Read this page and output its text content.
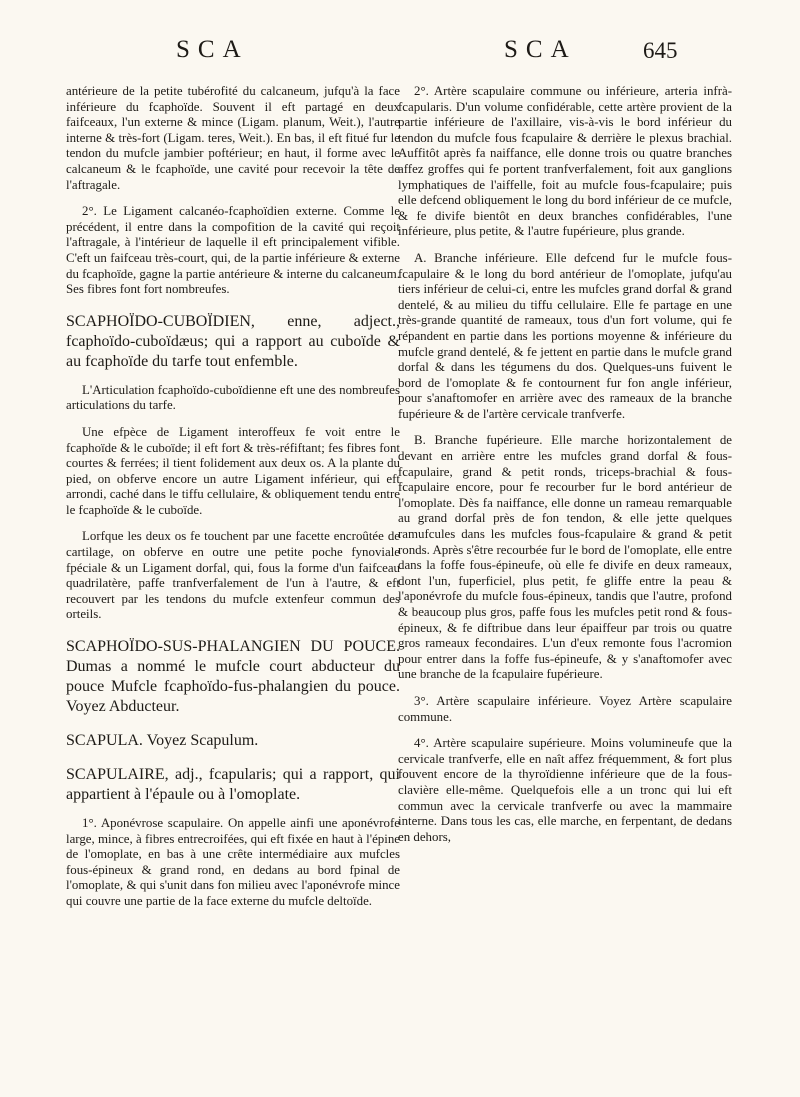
SCA	SCA	645

antérieure de la petite tubérofité du calcaneum, jufqu'à la face inférieure du fcaphoïde. Souvent il eft partagé en deux faifceaux, l'un externe & mince (Ligam. planum, Weit.), l'autre interne & très-fort (Ligam. teres, Weit.). En bas, il eft fitué fur le tendon du mufcle jambier poftérieur; en haut, il forme avec le calcaneum & le fcaphoïde, une cavité pour recevoir la tête de l'aftragale.

2°. Le Ligament calcanéo-fcaphoïdien externe. Comme le précédent, il entre dans la compofition de la cavité qui reçoit l'aftragale, à l'intérieur de laquelle il eft principalement vifible. C'eft un faifceau très-court, qui, de la partie inférieure & externe du fcaphoïde, gagne la partie antérieure & interne du calcaneum. Ses fibres font fort nombreufes.

SCAPHOÏDO-CUBOÏDIEN, enne, adject., fcaphoïdo-cuboïdæus; qui a rapport au cuboïde & au fcaphoïde du tarfe tout enfemble.

L'Articulation fcaphoïdo-cuboïdienne eft une des nombreufes articulations du tarfe.

Une efpèce de Ligament interoffeux fe voit entre le fcaphoïde & le cuboïde; il eft fort & très-réfiftant; fes fibres font courtes & ferrées; il tient folidement aux deux os. A la plante du pied, on obferve encore un autre Ligament inférieur, qui eft arrondi, caché dans le tiffu cellulaire, & obliquement tendu entre le fcaphoïde & le cuboïde.

Lorfque les deux os fe touchent par une facette encroûtée de cartilage, on obferve en outre une petite poche fynoviale fpéciale & un Ligament dorfal, qui, fous la forme d'un faifceau quadrilatère, paffe tranfverfalement de l'un à l'autre, & eft recouvert par les tendons du mufcle extenfeur commun des orteils.

SCAPHOÏDO-SUS-PHALANGIEN DU POUCE. Dumas a nommé le mufcle court abducteur du pouce Mufcle fcaphoïdo-fus-phalangien du pouce. Voyez Abducteur.

SCAPULA. Voyez Scapulum.

SCAPULAIRE, adj., fcapularis; qui a rapport, qui appartient à l'épaule ou à l'omoplate.

1°. Aponévrose scapulaire. On appelle ainfi une aponévrofe large, mince, à fibres entrecroifées, qui eft fixée en haut à l'épine de l'omoplate, en bas à une crête intermédiaire aux mufcles fous-épineux & grand rond, en dedans au bord fpinal de l'omoplate, & qui s'unit dans fon milieu avec l'aponévrofe mince qui couvre une partie de la face externe du mufcle deltoïde.

2°. Artère scapulaire commune ou inférieure, arteria infrà-fcapularis. D'un volume confidérable, cette artère provient de la partie inférieure de l'axillaire, vis-à-vis le bord inférieur du tendon du mufcle fous fcapulaire & derrière le plexus brachial. Auffitôt après fa naiffance, elle donne trois ou quatre branches affez groffes qui fe portent tranfverfalement, foit aux ganglions lymphatiques de l'aiffelle, foit au mufcle fous-fcapulaire; puis elle defcend obliquement le long du bord inférieur de ce mufcle, & fe divife bientôt en deux branches confidérables, l'une inférieure, plus petite, & l'autre fupérieure, plus grande.

A. Branche inférieure. Elle defcend fur le mufcle fous-fcapulaire & le long du bord antérieur de l'omoplate, jufqu'au tiers inférieur de celui-ci, entre les mufcles grand dorfal & grand dentelé, & au milieu du tiffu cellulaire. Elle fe partage en une très-grande quantité de rameaux, tous d'un fort volume, qui fe répandent en partie dans les portions moyenne & inférieure du mufcle grand dentelé, & fe jettent en partie dans le mufcle grand dorfal & dans les tégumens du dos. Quelques-uns fuivent le bord de l'omoplate & fe contournent fur fon angle inférieur, pour s'anaftomofer en arrière avec des rameaux de la branche fupérieure & de l'artère cervicale tranfverfe.

B. Branche fupérieure. Elle marche horizontalement de devant en arrière entre les mufcles grand dorfal & fous-fcapulaire, grand & petit ronds, triceps-brachial & fous-fcapulaire encore, pour fe recourber fur le bord antérieur de l'omoplate. Dès fa naiffance, elle donne un rameau remarquable au grand dorfal près de fon tendon, & elle jette quelques ramufcules dans les mufcles fous-fcapulaire & grand & petit ronds. Après s'être recourbée fur le bord de l'omoplate, elle entre dans la foffe fous-épineufe, où elle fe divife en deux rameaux, dont l'un, fuperficiel, plus petit, fe gliffe entre la peau & l'aponévrofe du mufcle fous-épineux, tandis que l'autre, profond & beaucoup plus gros, paffe fous les mufcles petit rond & fous-épineux, & fe diftribue dans leur épaiffeur par trois ou quatre gros rameaux fecondaires. L'un d'eux remonte fous l'acromion pour entrer dans la foffe fus-épineufe, & y s'anaftomofer avec une branche de la fcapulaire fupérieure.

3°. Artère scapulaire inférieure. Voyez Artère scapulaire commune.

4°. Artère scapulaire supérieure. Moins volumineufe que la cervicale tranfverfe, elle en naît affez fréquemment, & fort plus fouvent encore de la thyroïdienne inférieure que de la fous-clavière elle-même. Quelquefois elle a un tronc qui lui eft commun avec la cervicale tranfverfe ou avec la mammaire interne. Dans tous les cas, elle marche, en ferpentant, de dedans en dehors,
